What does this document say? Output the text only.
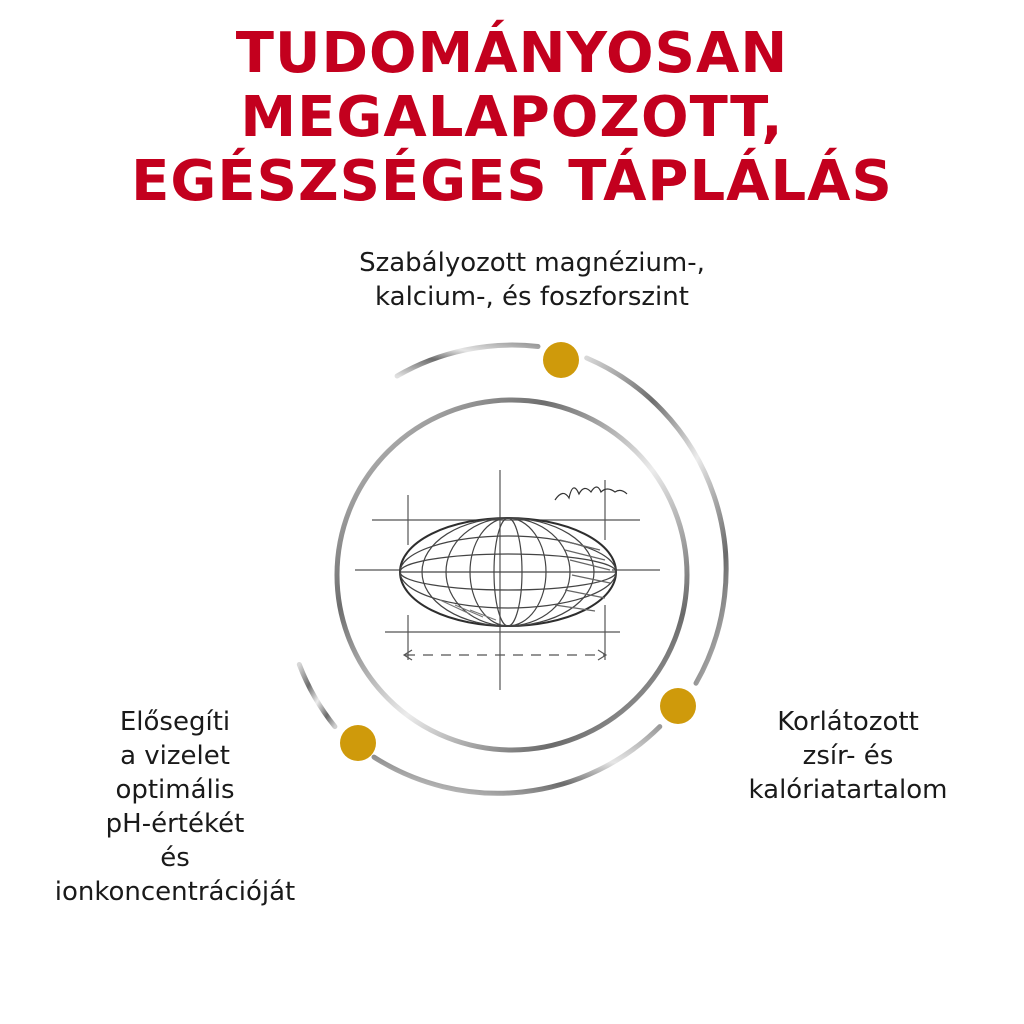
TUDOMÁNYOSAN MEGALAPOZOTT,
EGÉSZSÉGES TÁPLÁLÁS
Szabályozott magnézium-,
kalcium-, és foszforszint
Korlátozott
zsír- és
kalóriatartalom
Elősegíti
a vizelet
optimális
pH-értékét
és
ionkoncentrációját
